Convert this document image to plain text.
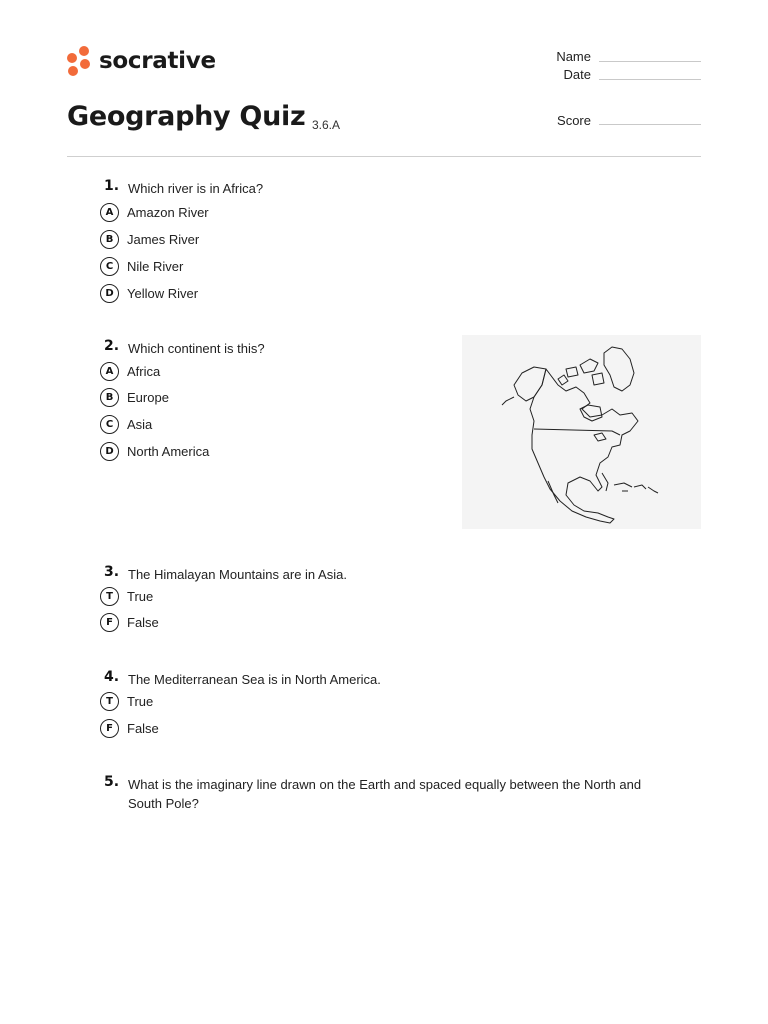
socrative	Name
Date
Score
Geography Quiz 3.6.A
1. Which river is in Africa?
A	Amazon River
B	James River
C	Nile River
D	Yellow River
2. Which continent is this?
A	Africa
B	Europe
C	Asia
D	North America
3. The Himalayan Mountains are in Asia.
T	True
F	False
4. The Mediterranean Sea is in North America.
T	True
F	False
5. What is the imaginary line drawn on the Earth and spaced equally between the North and South Pole?
